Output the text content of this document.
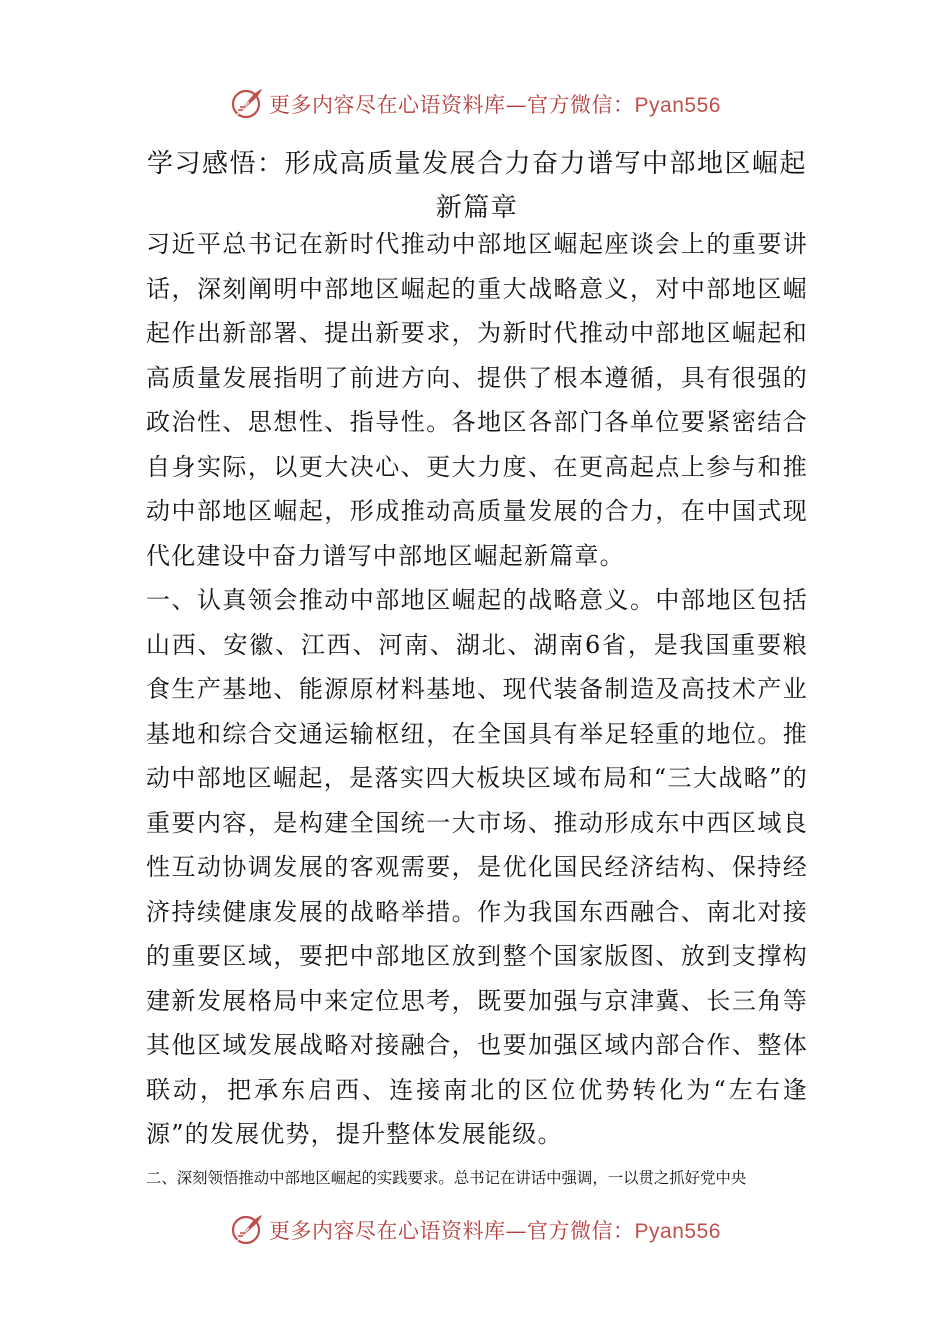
更多内容尽在心语资料库—官方微信：Pyan556
学习感悟：形成高质量发展合力奋力谱写中部地区崛起新篇章

习近平总书记在新时代推动中部地区崛起座谈会上的重要讲话，深刻阐明中部地区崛起的重大战略意义，对中部地区崛起作出新部署、提出新要求，为新时代推动中部地区崛起和高质量发展指明了前进方向、提供了根本遵循，具有很强的政治性、思想性、指导性。各地区各部门各单位要紧密结合自身实际，以更大决心、更大力度、在更高起点上参与和推动中部地区崛起，形成推动高质量发展的合力，在中国式现代化建设中奋力谱写中部地区崛起新篇章。

一、认真领会推动中部地区崛起的战略意义。中部地区包括山西、安徽、江西、河南、湖北、湖南6省，是我国重要粮食生产基地、能源原材料基地、现代装备制造及高技术产业基地和综合交通运输枢纽，在全国具有举足轻重的地位。推动中部地区崛起，是落实四大板块区域布局和“三大战略”的重要内容，是构建全国统一大市场、推动形成东中西区域良性互动协调发展的客观需要，是优化国民经济结构、保持经济持续健康发展的战略举措。作为我国东西融合、南北对接的重要区域，要把中部地区放到整个国家版图、放到支撑构建新发展格局中来定位思考，既要加强与京津冀、长三角等其他区域发展战略对接融合，也要加强区域内部合作、整体联动，把承东启西、连接南北的区位优势转化为“左右逢源”的发展优势，提升整体发展能级。

二、深刻领悟推动中部地区崛起的实践要求。总书记在讲话中强调，一以贯之抓好党中央

更多内容尽在心语资料库—官方微信：Pyan556
